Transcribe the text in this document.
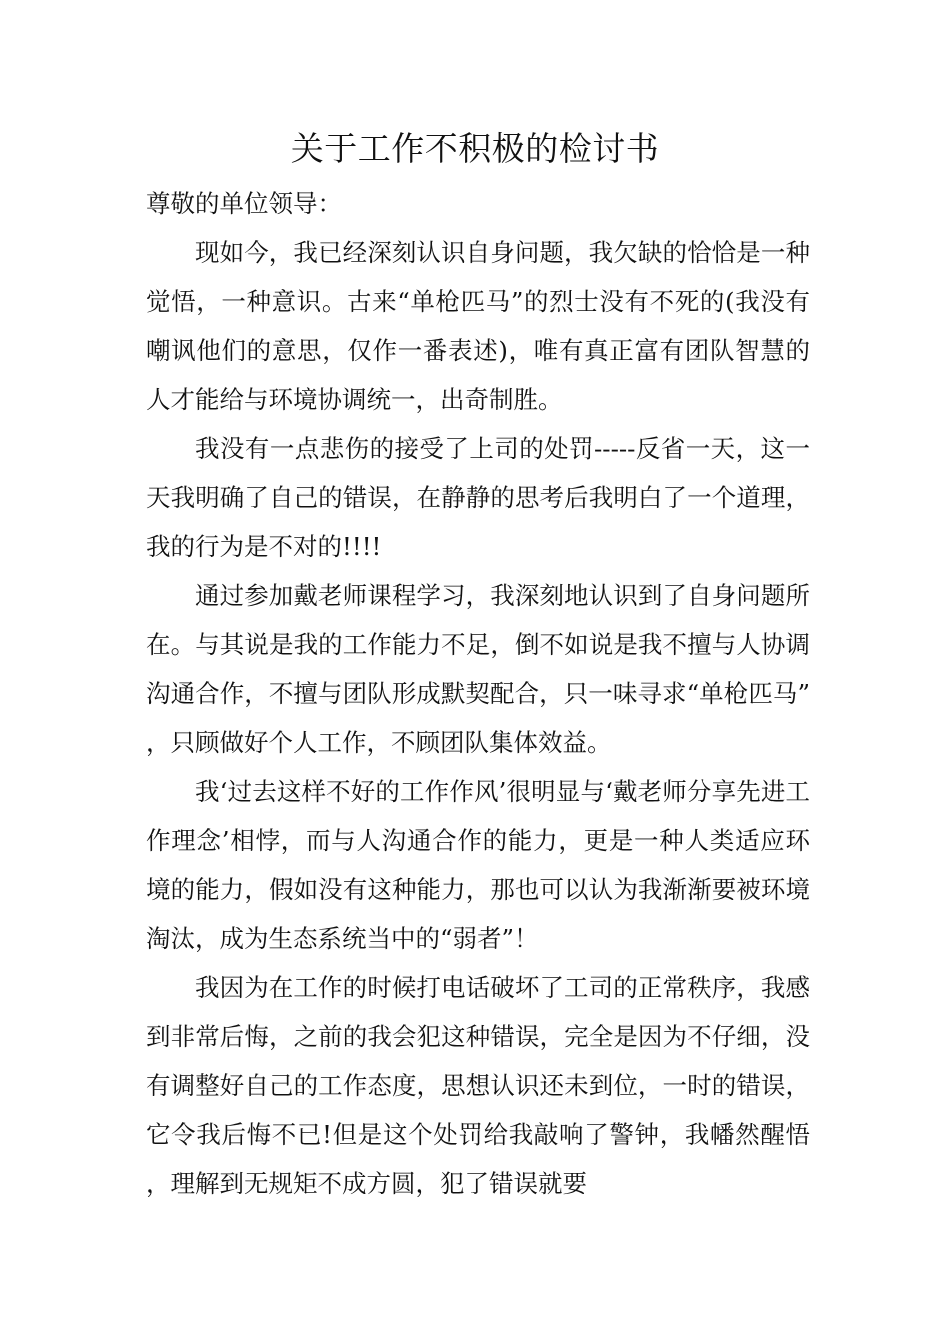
关于工作不积极的检讨书

尊敬的单位领导：

现如今，我已经深刻认识自身问题，我欠缺的恰恰是一种觉悟，一种意识。古来“单枪匹马”的烈士没有不死的(我没有嘲讽他们的意思，仅作一番表述)，唯有真正富有团队智慧的人才能给与环境协调统一，出奇制胜。

我没有一点悲伤的接受了上司的处罚-----反省一天，这一天我明确了自己的错误，在静静的思考后我明白了一个道理，我的行为是不对的!!!!

通过参加戴老师课程学习，我深刻地认识到了自身问题所在。与其说是我的工作能力不足，倒不如说是我不擅与人协调沟通合作，不擅与团队形成默契配合，只一味寻求“单枪匹马”，只顾做好个人工作，不顾团队集体效益。

我‘过去这样不好的工作作风’很明显与‘戴老师分享先进工作理念’相悖，而与人沟通合作的能力，更是一种人类适应环境的能力，假如没有这种能力，那也可以认为我渐渐要被环境淘汰，成为生态系统当中的“弱者”！

我因为在工作的时候打电话破坏了工司的正常秩序，我感到非常后悔，之前的我会犯这种错误，完全是因为不仔细，没有调整好自己的工作态度，思想认识还未到位，一时的错误，它令我后悔不已!但是这个处罚给我敲响了警钟，我幡然醒悟，理解到无规矩不成方圆，犯了错误就要
